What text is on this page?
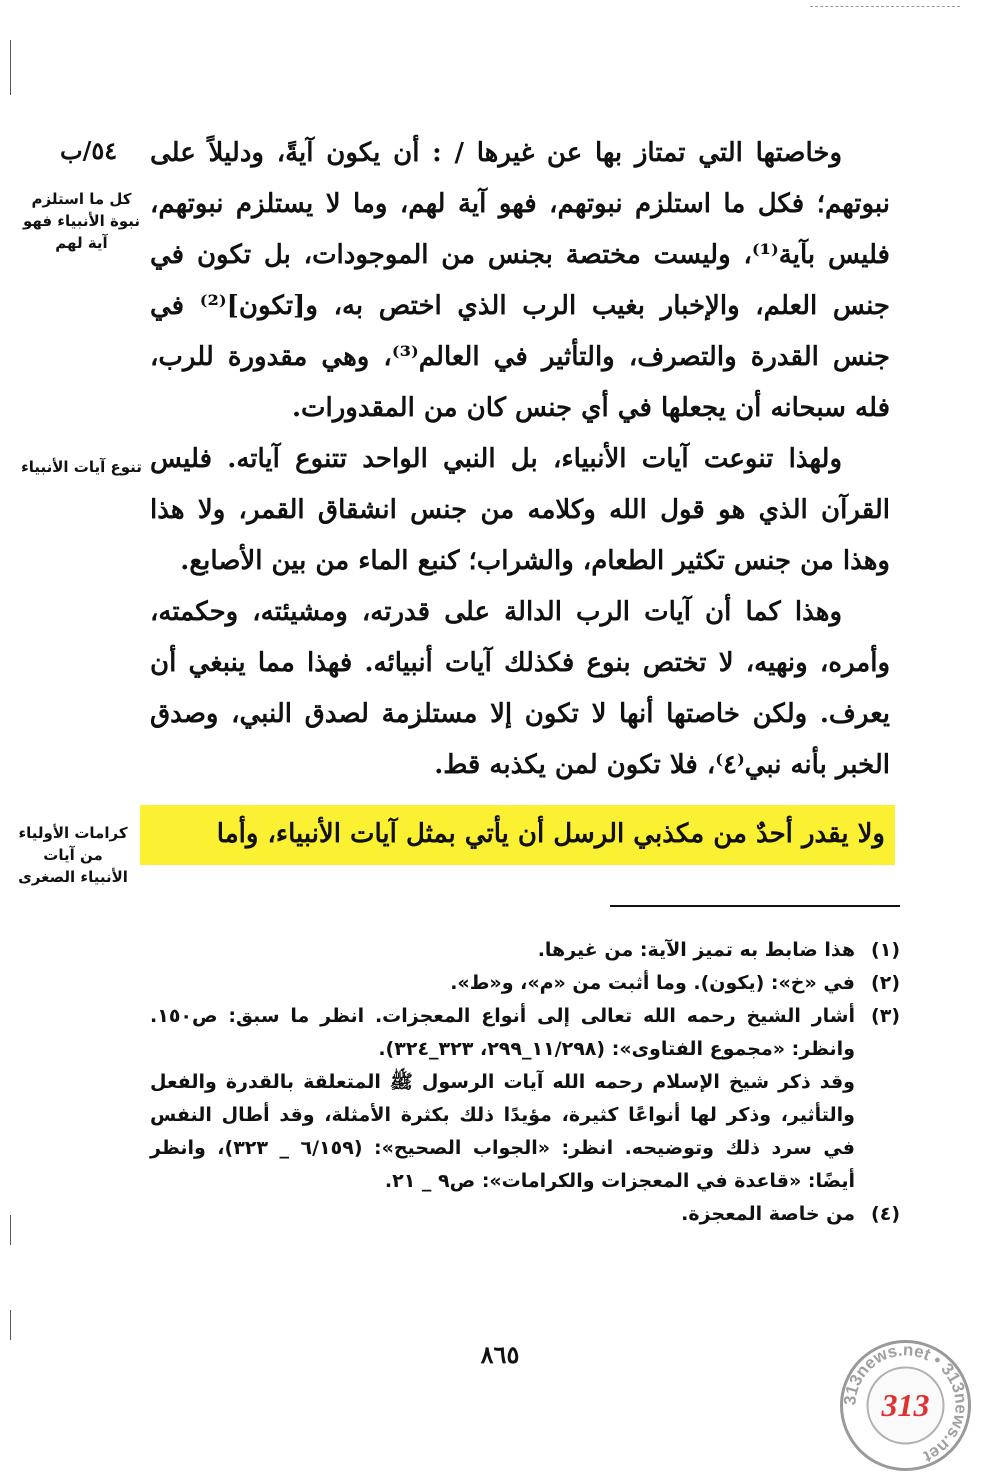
٥٤/ب
كل ما استلزم نبوة الأنبياء فهو آية لهم
تنوع آيات الأنبياء
كرامات الأولياء من آيات الأنبياء الصغرى

وخاصتها التي تمتاز بها عن غيرها / : أن يكون آيةً، ودليلاً على نبوتهم؛ فكل ما استلزم نبوتهم، فهو آية لهم، وما لا يستلزم نبوتهم، فليس بآية⁽¹⁾، وليست مختصة بجنس من الموجودات، بل تكون في جنس العلم، والإخبار بغيب الرب الذي اختص به، و[تكون]⁽²⁾ في جنس القدرة والتصرف، والتأثير في العالم⁽³⁾، وهي مقدورة للرب، فله سبحانه أن يجعلها في أي جنس كان من المقدورات.

ولهذا تنوعت آيات الأنبياء، بل النبي الواحد تتنوع آياته. فليس القرآن الذي هو قول الله وكلامه من جنس انشقاق القمر، ولا هذا وهذا من جنس تكثير الطعام، والشراب؛ كنبع الماء من بين الأصابع.

وهذا كما أن آيات الرب الدالة على قدرته، ومشيئته، وحكمته، وأمره، ونهيه، لا تختص بنوع فكذلك آيات أنبيائه. فهذا مما ينبغي أن يعرف. ولكن خاصتها أنها لا تكون إلا مستلزمة لصدق النبي، وصدق الخبر بأنه نبي⁽٤⁾، فلا تكون لمن يكذبه قط.

ولا يقدر أحدٌ من مكذبي الرسل أن يأتي بمثل آيات الأنبياء، وأما
(١)
هذا ضابط به تميز الآية: من غيرها.
(٢)
في «خ»: (يكون). وما أثبت من «م»، و«ط».
(٣)
أشار الشيخ رحمه الله تعالى إلى أنواع المعجزات. انظر ما سبق: ص١٥٠. وانظر: «مجموع الفتاوى»: (١١/٢٩٨_٢٩٩، ٣٢٣_٣٢٤).
وقد ذكر شيخ الإسلام رحمه الله آيات الرسول ﷺ المتعلقة بالقدرة والفعل والتأثير، وذكر لها أنواعًا كثيرة، مؤيدًا ذلك بكثرة الأمثلة، وقد أطال النفس في سرد ذلك وتوضيحه. انظر: «الجواب الصحيح»: (٦/١٥٩ _ ٣٢٣)، وانظر أيضًا: «قاعدة في المعجزات والكرامات»: ص٩ _ ٢١.
(٤)
من خاصة المعجزة.
٨٦٥
313news.net • 313news.net
313
